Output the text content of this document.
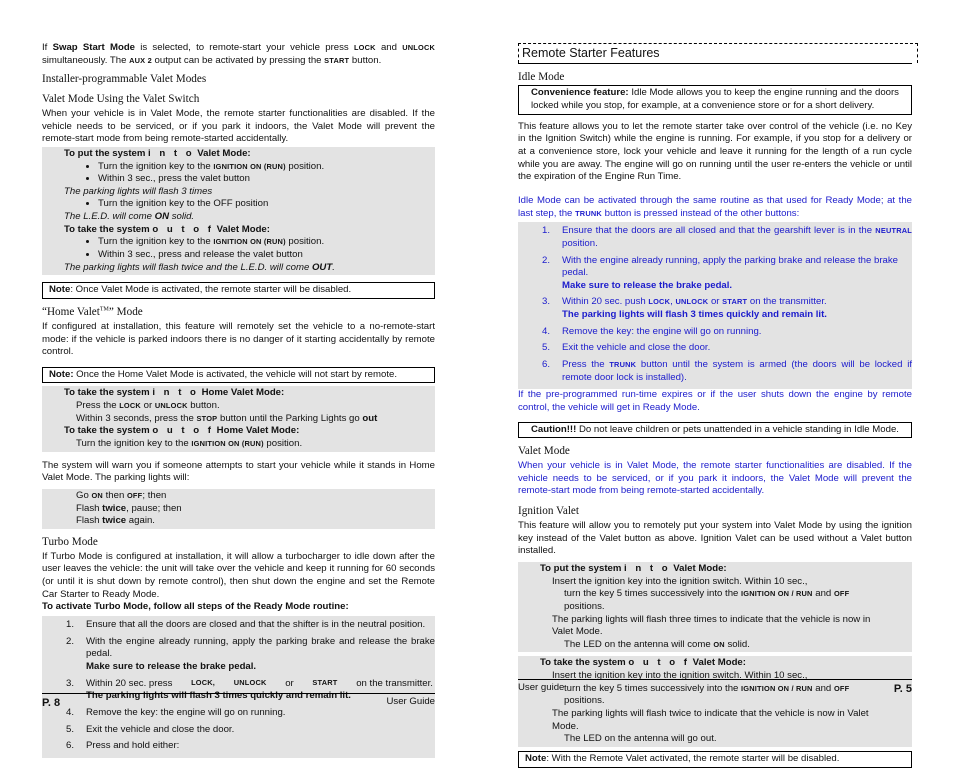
If Swap Start Mode is selected, to remote-start your vehicle press LOCK and UNLOCK simultaneously. The AUX 2 output can be activated by pressing the START button.
Installer-programmable Valet Modes
Valet Mode Using the Valet Switch
When your vehicle is in Valet Mode, the remote starter functionalities are disabled. If the vehicle needs to be serviced, or if you park it indoors, the Valet Mode will prevent the remote-start mode from being remote-started accidentally.
To put the system i n t o Valet Mode:
• Turn the ignition key to the IGNITION ON (RUN) position.
• Within 3 sec., press the valet button
The parking lights will flash 3 times
• Turn the ignition key to the OFF position
The L.E.D. will come ON solid.
To take the system o u t o f Valet Mode:
• Turn the ignition key to the IGNITION ON (RUN) position.
• Within 3 sec., press and release the valet button
The parking lights will flash twice and the L.E.D. will come OUT.
Note: Once Valet Mode is activated, the remote starter will be disabled.
“Home Valet™” Mode
If configured at installation, this feature will remotely set the vehicle to a no-remote-start mode: if the vehicle is parked indoors there is no danger of it starting accidentally by remote control.
Note: Once the Home Valet Mode is activated, the vehicle will not start by remote.
To take the system i n t o Home Valet Mode:
Press the LOCK or UNLOCK button.
Within 3 seconds, press the STOP button until the Parking Lights go out
To take the system o u t o f Home Valet Mode:
Turn the ignition key to the IGNITION ON (RUN) position.
The system will warn you if someone attempts to start your vehicle while it stands in Home Valet Mode. The parking lights will:
Go ON then OFF; then
Flash twice, pause; then
Flash twice again.
Turbo Mode
If Turbo Mode is configured at installation, it will allow a turbocharger to idle down after the user leaves the vehicle: the unit will take over the vehicle and keep it running for 60 seconds (or until it is shut down by remote control), then shut down the engine and set the Remote Car Starter to Ready Mode.
To activate Turbo Mode, follow all steps of the Ready Mode routine:
1. Ensure that all the doors are closed and that the shifter is in the neutral position.
2. With the engine already running, apply the parking brake and release the brake pedal.
Make sure to release the brake pedal.
3. Within 20 sec. press	LOCK,	UNLOCK or	START on the transmitter.
The parking lights will flash 3 times quickly and remain lit.
4. Remove the key: the engine will go on running.
5. Exit the vehicle and close the door.
6. Press and hold either:
P. 8	User Guide
Remote Starter Features
Idle Mode
Convenience feature: Idle Mode allows you to keep the engine running and the doors locked while you stop, for example, at a convenience store or for a short delivery.
This feature allows you to let the remote starter take over control of the vehicle (i.e. no Key in the Ignition Switch) while the engine is running. For example, if you stop for a delivery or at a convenience store, lock your vehicle and leave it running for the length of a run cycle while you are away. The engine will go on running until the user re-enters the vehicle or until the expiration of the Engine Run Time.
Idle Mode can be activated through the same routine as that used for Ready Mode; at the last step, the TRUNK button is pressed instead of the other buttons:
1. Ensure that the doors are all closed and that the gearshift lever is in the NEUTRAL position.
2. With the engine already running, apply the parking brake and release the brake pedal.
Make sure to release the brake pedal.
3. Within 20 sec. push LOCK, UNLOCK or START on the transmitter.
The parking lights will flash 3 times quickly and remain lit.
4. Remove the key: the engine will go on running.
5. Exit the vehicle and close the door.
6. Press the TRUNK button until the system is armed (the doors will be locked if remote door lock is installed).
If the pre-programmed run-time expires or if the user shuts down the engine by remote control, the vehicle will get in Ready Mode.
Caution!!! Do not leave children or pets unattended in a vehicle standing in Idle Mode.
Valet Mode
When your vehicle is in Valet Mode, the remote starter functionalities are disabled. If the vehicle needs to be serviced, or if you park it indoors, the Valet Mode will prevent the remote-start mode from being remote-started accidentally.
Ignition Valet
This feature will allow you to remotely put your system into Valet Mode by using the ignition key instead of the Valet button as above. Ignition Valet can be used without a Valet button installed.
To put the system i n t o Valet Mode:
Insert the ignition key into the ignition switch. Within 10 sec.,
turn the key 5 times successively into the IGNITION ON / RUN and OFF positions.
The parking lights will flash three times to indicate that the vehicle is now in Valet Mode.
The LED on the antenna will come ON solid.
To take the system o u t o f Valet Mode:
Insert the ignition key into the ignition switch. Within 10 sec.,
turn the key 5 times successively into the IGNITION ON / RUN and OFF positions.
The parking lights will flash twice to indicate that the vehicle is now in Valet Mode.
The LED on the antenna will go out.
Note: With the Remote Valet activated, the remote starter will be disabled.
User guide	P. 5
